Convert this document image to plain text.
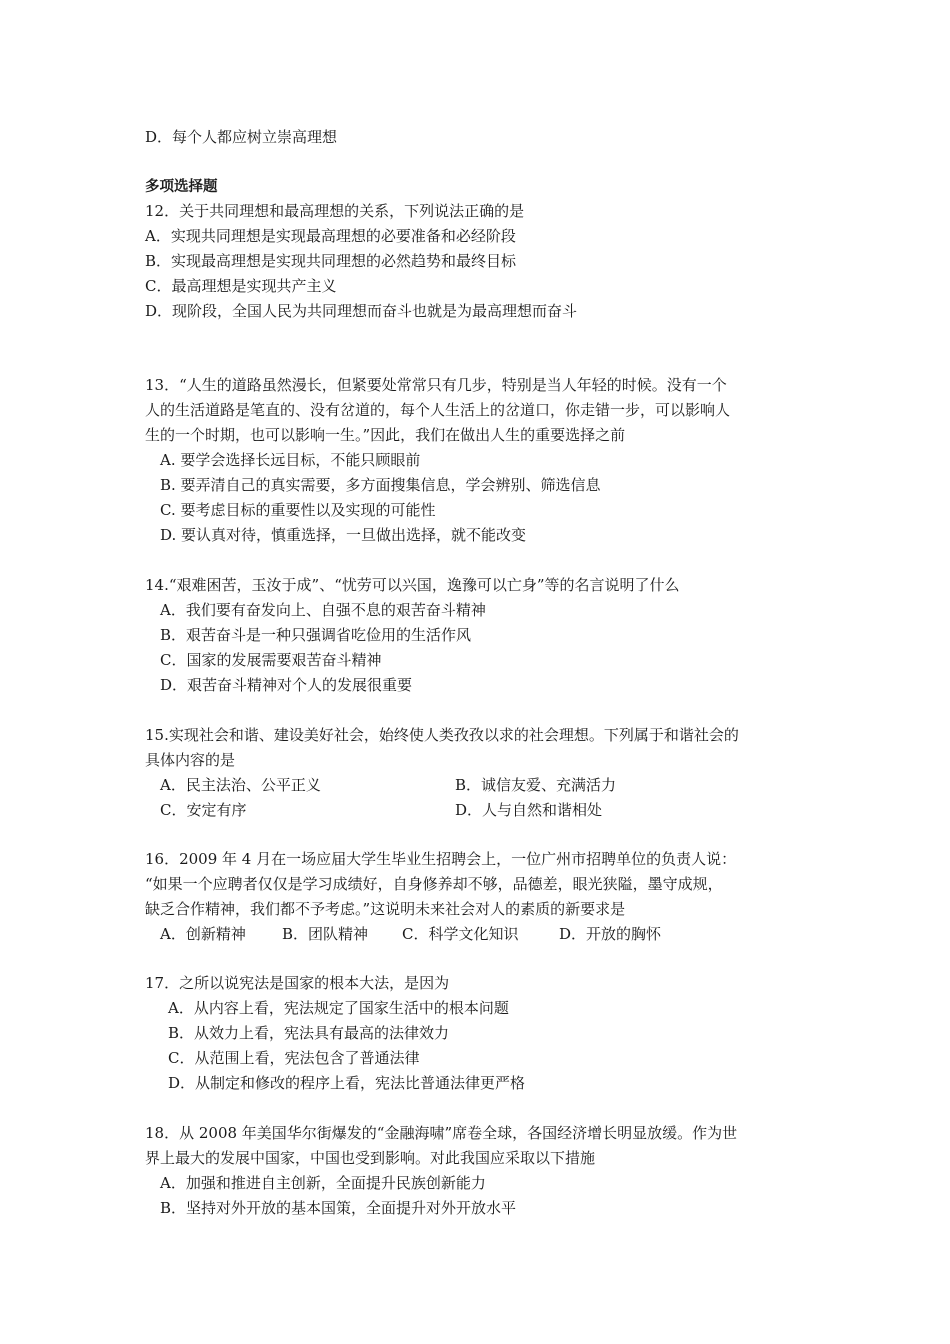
D．每个人都应树立崇高理想
多项选择题
12．关于共同理想和最高理想的关系，下列说法正确的是
A．实现共同理想是实现最高理想的必要准备和必经阶段
B．实现最高理想是实现共同理想的必然趋势和最终目标
C．最高理想是实现共产主义
D．现阶段，全国人民为共同理想而奋斗也就是为最高理想而奋斗
13．“人生的道路虽然漫长，但紧要处常常只有几步，特别是当人年轻的时候。没有一个
人的生活道路是笔直的、没有岔道的，每个人生活上的岔道口，你走错一步，可以影响人
生的一个时期，也可以影响一生。”因此，我们在做出人生的重要选择之前
A. 要学会选择长远目标，不能只顾眼前
B. 要弄清自己的真实需要，多方面搜集信息，学会辨别、筛选信息
C. 要考虑目标的重要性以及实现的可能性
D. 要认真对待，慎重选择，一旦做出选择，就不能改变
14.“艰难困苦，玉汝于成”、“忧劳可以兴国，逸豫可以亡身”等的名言说明了什么
A．我们要有奋发向上、自强不息的艰苦奋斗精神
B．艰苦奋斗是一种只强调省吃俭用的生活作风
C．国家的发展需要艰苦奋斗精神
D．艰苦奋斗精神对个人的发展很重要
15.实现社会和谐、建设美好社会，始终使人类孜孜以求的社会理想。下列属于和谐社会的
具体内容的是
A．民主法治、公平正义	B．诚信友爱、充满活力
C．安定有序	D．人与自然和谐相处
16．2009 年 4 月在一场应届大学生毕业生招聘会上，一位广州市招聘单位的负责人说：
“如果一个应聘者仅仅是学习成绩好，自身修养却不够，品德差，眼光狭隘，墨守成规，
缺乏合作精神，我们都不予考虑。”这说明未来社会对人的素质的新要求是
A．创新精神 B．团队精神 C．科学文化知识	D．开放的胸怀
17．之所以说宪法是国家的根本大法，是因为
A．从内容上看，宪法规定了国家生活中的根本问题
B．从效力上看，宪法具有最高的法律效力
C．从范围上看，宪法包含了普通法律
D．从制定和修改的程序上看，宪法比普通法律更严格
18．从 2008 年美国华尔街爆发的“金融海啸”席卷全球，各国经济增长明显放缓。作为世
界上最大的发展中国家，中国也受到影响。对此我国应采取以下措施
A．加强和推进自主创新，全面提升民族创新能力
B．坚持对外开放的基本国策，全面提升对外开放水平
